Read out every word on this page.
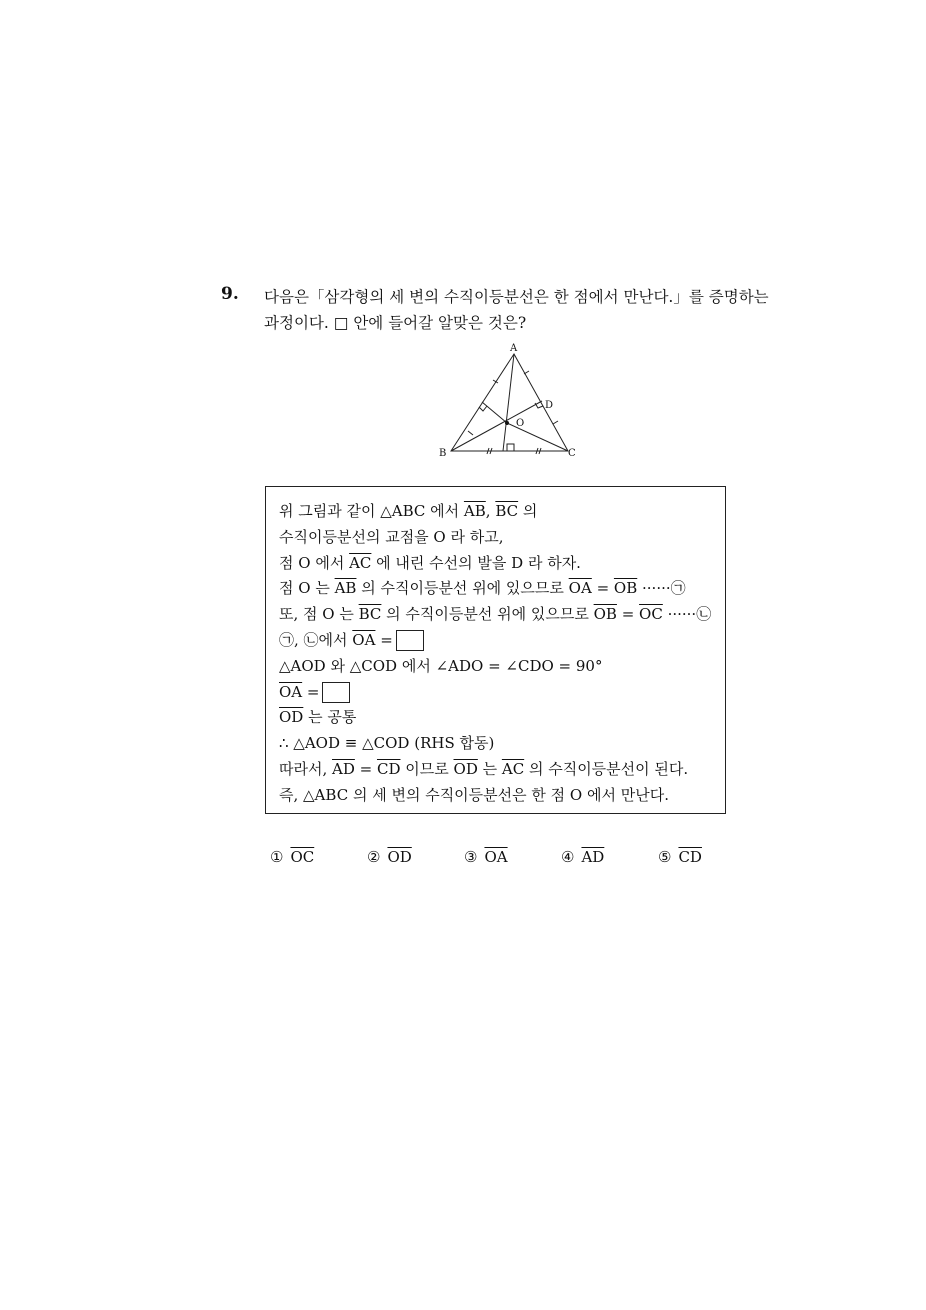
9. 다음은「삼각형의 세 변의 수직이등분선은 한 점에서 만난다.」를 증명하는
과정이다. □ 안에 들어갈 알맞은 것은?
A
B	C
D
O
위 그림과 같이 △ABC 에서 $\overline{AB}$, $\overline{BC}$ 의
수직이등분선의 교점을 O 라 하고,
점 O 에서 $\overline{AC}$ 에 내린 수선의 발을 D 라 하자.
점 O 는 $\overline{AB}$ 의 수직이등분선 위에 있으므로 $\overline{OA} = \overline{OB}$ ······㉠
또, 점 O 는 $\overline{BC}$ 의 수직이등분선 위에 있으므로 $\overline{OB} = \overline{OC}$ ······㉡
㉠, ㉡에서 $\overline{OA}$ =
△AOD 와 △COD 에서 ∠ADO = ∠CDO = 90°
$\overline{OA}$ =
$\overline{OD}$ 는 공통
∴ △AOD ≡ △COD (RHS 합동)
따라서, $\overline{AD} = \overline{CD}$ 이므로 $\overline{OD}$ 는 $\overline{AC}$ 의 수직이등분선이 된다.
즉, △ABC 의 세 변의 수직이등분선은 한 점 O 에서 만난다.
① $\overline{OC}$	② $\overline{OD}$	③ $\overline{OA}$	④ $\overline{AD}$	⑤ $\overline{CD}$
